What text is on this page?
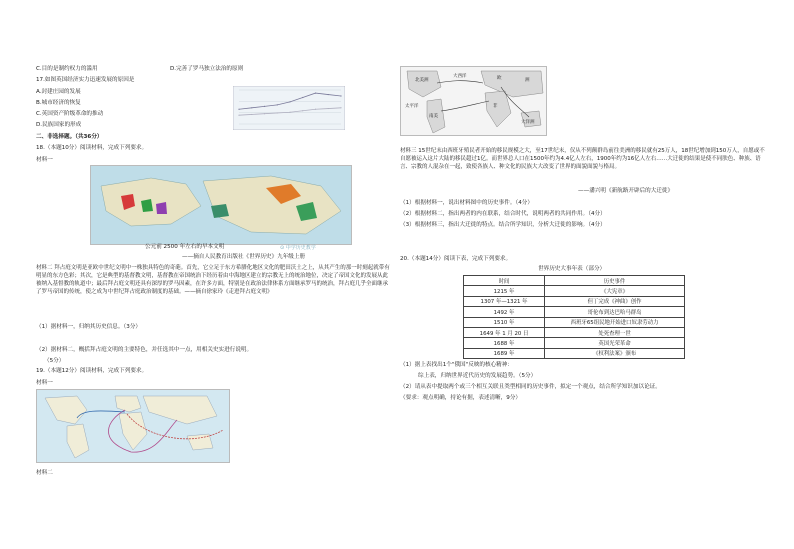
C.目的是制约权力的滥用	D.完善了罗马独立法治的原则
17.如图英国经济实力迅速发展的原因是
A.封建庄园的发展
B.城市经济的恢复
C.英国资产阶级革命的推动
D.民族国家的形成
二、非选择题。（共36分）
18.（本题10分）阅读材料，完成下列要求。
材料一
公元前 2500 年左右的早本文明	⊙ 中学历史教学
——摘自人民教育出版社《世界历史》九年级上册
材料二 拜占庭文明是亚欧中世纪文明中一株独具特色的奇葩。首先，它立足于东方希腊化地区文化的肥田沃土之上，从其产生的那一时刻起就带有明显的东方色彩；其次，它是典型的基督教文明，基督教在帝国统治下经历着由中海地区建立的宗教无上的统治地位，决定了帝国文化的发展从此被纳入基督教的轨道中；最后拜占庭文明还具有深厚的罗马因素，在许多方面，特别是在政治法律体系方面继承罗马的统治，拜占庭几乎全面继承了罗马帝国的传统，使之成为中世纪拜占庭政治制度的基础。——摘自徐家玲《走进拜占庭文明》
（1）据材料一，归纳其历史信息。（3分）
（2）据材料二，概括拜占庭文明的主要特色，并任选其中一点，用相关史实进行说明。
（5分）
19.（本题12分）阅读材料，完成下列要求。
材料一
材料二
大西洋	欧	洲
非
北美洲
南美
大洋洲
太平洋
材料三 15世纪末由西班牙殖民者开始的移民规模之大，至17世纪末，仅从不列颠群岛前往美洲的移民就有25万人，18世纪增加到150万人，自愿或不自愿被运入这片大陆的移民超过1亿。而世界总人口在1500年约为4.4亿人左右，1900年约为16亿人左右……大迁徙的结果是使不同肤色、种族、语言、宗教的人混杂在一起，致使各族人、种文化的民族大大改变了世界的面貌面貌与格局。
——潘兴明《新航路开辟后的大迁徙》
（1）根据材料一，说出材料图中的历史事件。（4分）
（2）根据材料二，指出两者的内在联系，结合时代，说明两者的共同作用。（4分）
（3）根据材料三，指出大迁徙的特点。结合所学知识，分析大迁徙的影响。（4分）
20.（本题14分）阅读下表，完成下列要求。
世界历史大事年表（部分）
时间	历史事件
1215 年	《大宪章》
1307 年—1321 年	但丁完成《神曲》创作
1492 年	哥伦布到达巴哈马群岛
1510 年	西班牙65组民地开始进口奴隶劳动力
1649 年 1 月 20 日	处死查理一世
1688 年	英国光荣革命
1689 年	《权利法案》颁布
（1）据上表找出1个"俄国"反映的核心精神：
综上表，归纳世界近代历史的发展趋势。（5分）
（2）请从表中提取两个或三个相互关联且类型相同的历史事件，拟定一个观点，结合所学知识加以论证。
（要求：观点明确，持论有据，表述清晰，9分）
